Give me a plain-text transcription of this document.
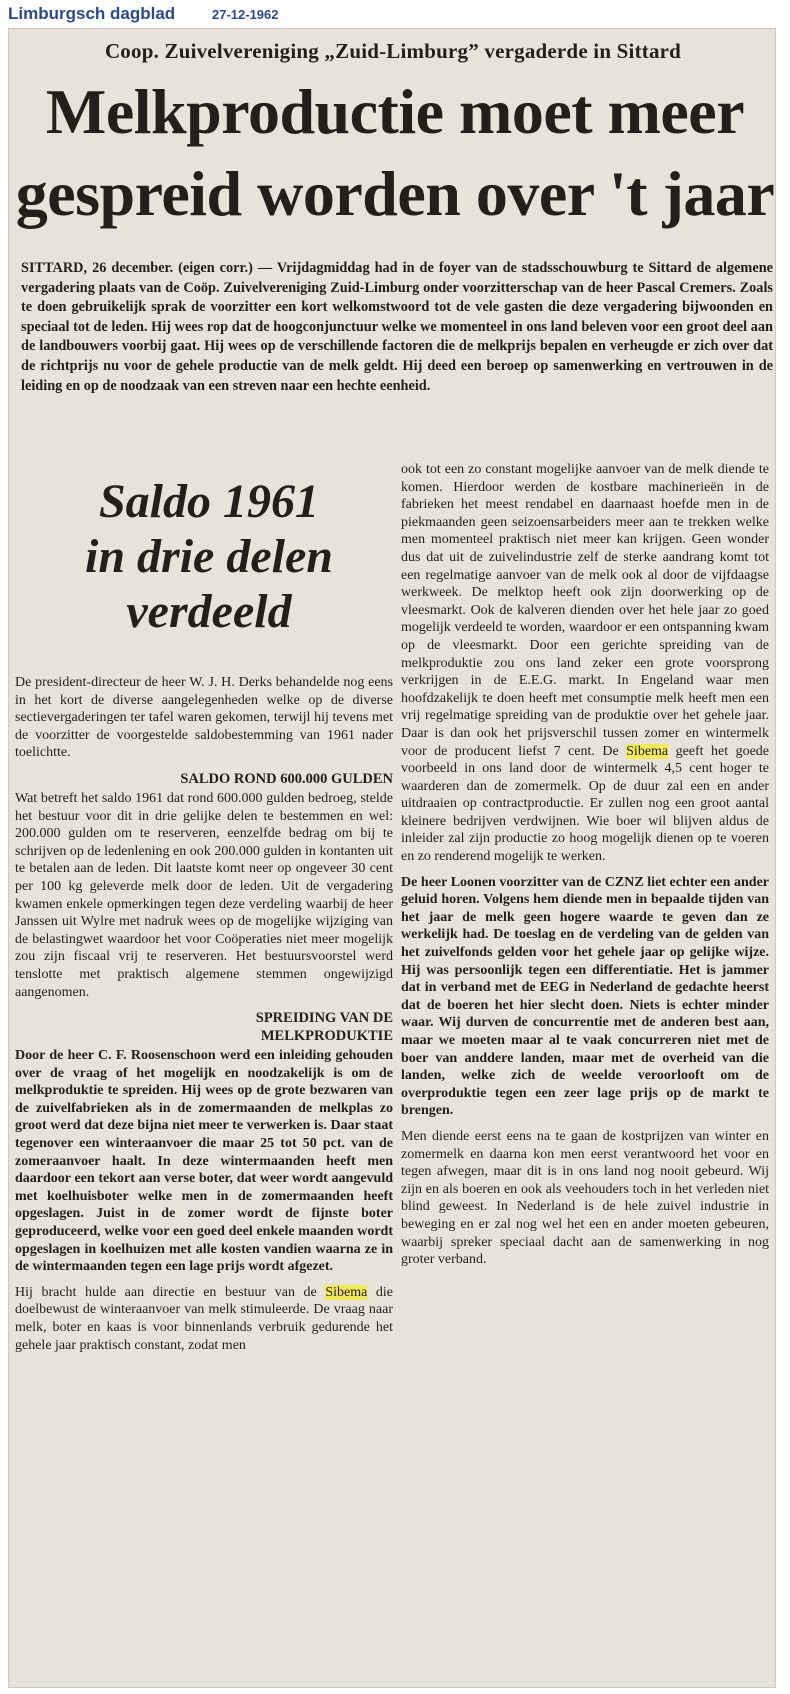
Limburgsch dagblad	27-12-1962
Coop. Zuivelvereniging „Zuid-Limburg” vergaderde in Sittard
Melkproductie moet meer
gespreid worden over 't jaar
SITTARD, 26 december. (eigen corr.) — Vrijdagmiddag had in de foyer van de stadsschouwburg te Sittard de algemene vergadering plaats van de Coöp. Zuivelvereniging Zuid-Limburg onder voorzitterschap van de heer Pascal Cremers. Zoals te doen gebruikelijk sprak de voorzitter een kort welkomstwoord tot de vele gasten die deze vergadering bijwoonden en speciaal tot de leden. Hij wees rop dat de hoogconjunctuur welke we momenteel in ons land beleven voor een groot deel aan de landbouwers voorbij gaat. Hij wees op de verschillende factoren die de melkprijs bepalen en verheugde er zich over dat de richtprijs nu voor de gehele productie van de melk geldt. Hij deed een beroep op samenwerking en vertrouwen in de leiding en op de noodzaak van een streven naar een hechte eenheid.
Saldo 1961
in drie delen
verdeeld

De president-directeur de heer W. J. H. Derks behandelde nog eens in het kort de diverse aangelegenheden welke op de diverse sectievergaderingen ter tafel waren gekomen, terwijl hij tevens met de voorzitter de voorgestelde saldobestemming van 1961 nader toelichtte.

SALDO ROND 600.000 GULDEN

Wat betreft het saldo 1961 dat rond 600.000 gulden bedroeg, stelde het bestuur voor dit in drie gelijke delen te bestemmen en wel: 200.000 gulden om te reserveren, eenzelfde bedrag om bij te schrijven op de ledenlening en ook 200.000 gulden in kontanten uit te betalen aan de leden. Dit laatste komt neer op ongeveer 30 cent per 100 kg geleverde melk door de leden. Uit de vergadering kwamen enkele opmerkingen tegen deze verdeling waarbij de heer Janssen uit Wylre met nadruk wees op de mogelijke wijziging van de belastingwet waardoor het voor Coöperaties niet meer mogelijk zou zijn fiscaal vrij te reserveren. Het bestuursvoorstel werd tenslotte met praktisch algemene stemmen ongewijzigd aangenomen.

SPREIDING VAN DE
MELKPRODUKTIE

Door de heer C. F. Roosenschoon werd een inleiding gehouden over de vraag of het mogelijk en noodzakelijk is om de melkproduktie te spreiden. Hij wees op de grote bezwaren van de zuivelfabrieken als in de zomermaanden de melkplas zo groot werd dat deze bijna niet meer te verwerken is. Daar staat tegenover een winteraanvoer die maar 25 tot 50 pct. van de zomeraanvoer haalt. In deze wintermaanden heeft men daardoor een tekort aan verse boter, dat weer wordt aangevuld met koelhuisboter welke men in de zomermaanden heeft opgeslagen. Juist in de zomer wordt de fijnste boter geproduceerd, welke voor een goed deel enkele maanden wordt opgeslagen in koelhuizen met alle kosten vandien waarna ze in de wintermaanden tegen een lage prijs wordt afgezet.

Hij bracht hulde aan directie en bestuur van de Sibema die doelbewust de winteraanvoer van melk stimuleerde. De vraag naar melk, boter en kaas is voor binnenlands verbruik gedurende het gehele jaar praktisch constant, zodat men

ook tot een zo constant mogelijke aanvoer van de melk diende te komen. Hierdoor werden de kostbare machinerieën in de fabrieken het meest rendabel en daarnaast hoefde men in de piekmaanden geen seizoensarbeiders meer aan te trekken welke men momenteel praktisch niet meer kan krijgen. Geen wonder dus dat uit de zuivelindustrie zelf de sterke aandrang komt tot een regelmatige aanvoer van de melk ook al door de vijfdaagse werkweek. De melktop heeft ook zijn doorwerking op de vleesmarkt. Ook de kalveren dienden over het hele jaar zo goed mogelijk verdeeld te worden, waardoor er een ontspanning kwam op de vleesmarkt. Door een gerichte spreiding van de melkproduktie zou ons land zeker een grote voorsprong verkrijgen in de E.E.G. markt. In Engeland waar men hoofdzakelijk te doen heeft met consumptie melk heeft men een vrij regelmatige spreiding van de produktie over het gehele jaar. Daar is dan ook het prijsverschil tussen zomer en wintermelk voor de producent liefst 7 cent. De Sibema geeft het goede voorbeeld in ons land door de wintermelk 4,5 cent hoger te waarderen dan de zomermelk. Op de duur zal een en ander uitdraaien op contractproductie. Er zullen nog een groot aantal kleinere bedrijven verdwijnen. Wie boer wil blijven aldus de inleider zal zijn productie zo hoog mogelijk dienen op te voeren en zo renderend mogelijk te werken.

De heer Loonen voorzitter van de CZNZ liet echter een ander geluid horen. Volgens hem diende men in bepaalde tijden van het jaar de melk geen hogere waarde te geven dan ze werkelijk had. De toeslag en de verdeling van de gelden van het zuivelfonds gelden voor het gehele jaar op gelijke wijze. Hij was persoonlijk tegen een differentiatie. Het is jammer dat in verband met de EEG in Nederland de gedachte heerst dat de boeren het hier slecht doen. Niets is echter minder waar. Wij durven de concurrentie met de anderen best aan, maar we moeten maar al te vaak concurreren niet met de boer van anddere landen, maar met de overheid van die landen, welke zich de weelde veroorlooft om de overproduktie tegen een zeer lage prijs op de markt te brengen.

Men diende eerst eens na te gaan de kostprijzen van winter en zomermelk en daarna kon men eerst verantwoord het voor en tegen afwegen, maar dit is in ons land nog nooit gebeurd. Wij zijn en als boeren en ook als veehouders toch in het verleden niet blind geweest. In Nederland is de hele zuivel industrie in beweging en er zal nog wel het een en ander moeten gebeuren, waarbij spreker speciaal dacht aan de samenwerking in nog groter verband.
